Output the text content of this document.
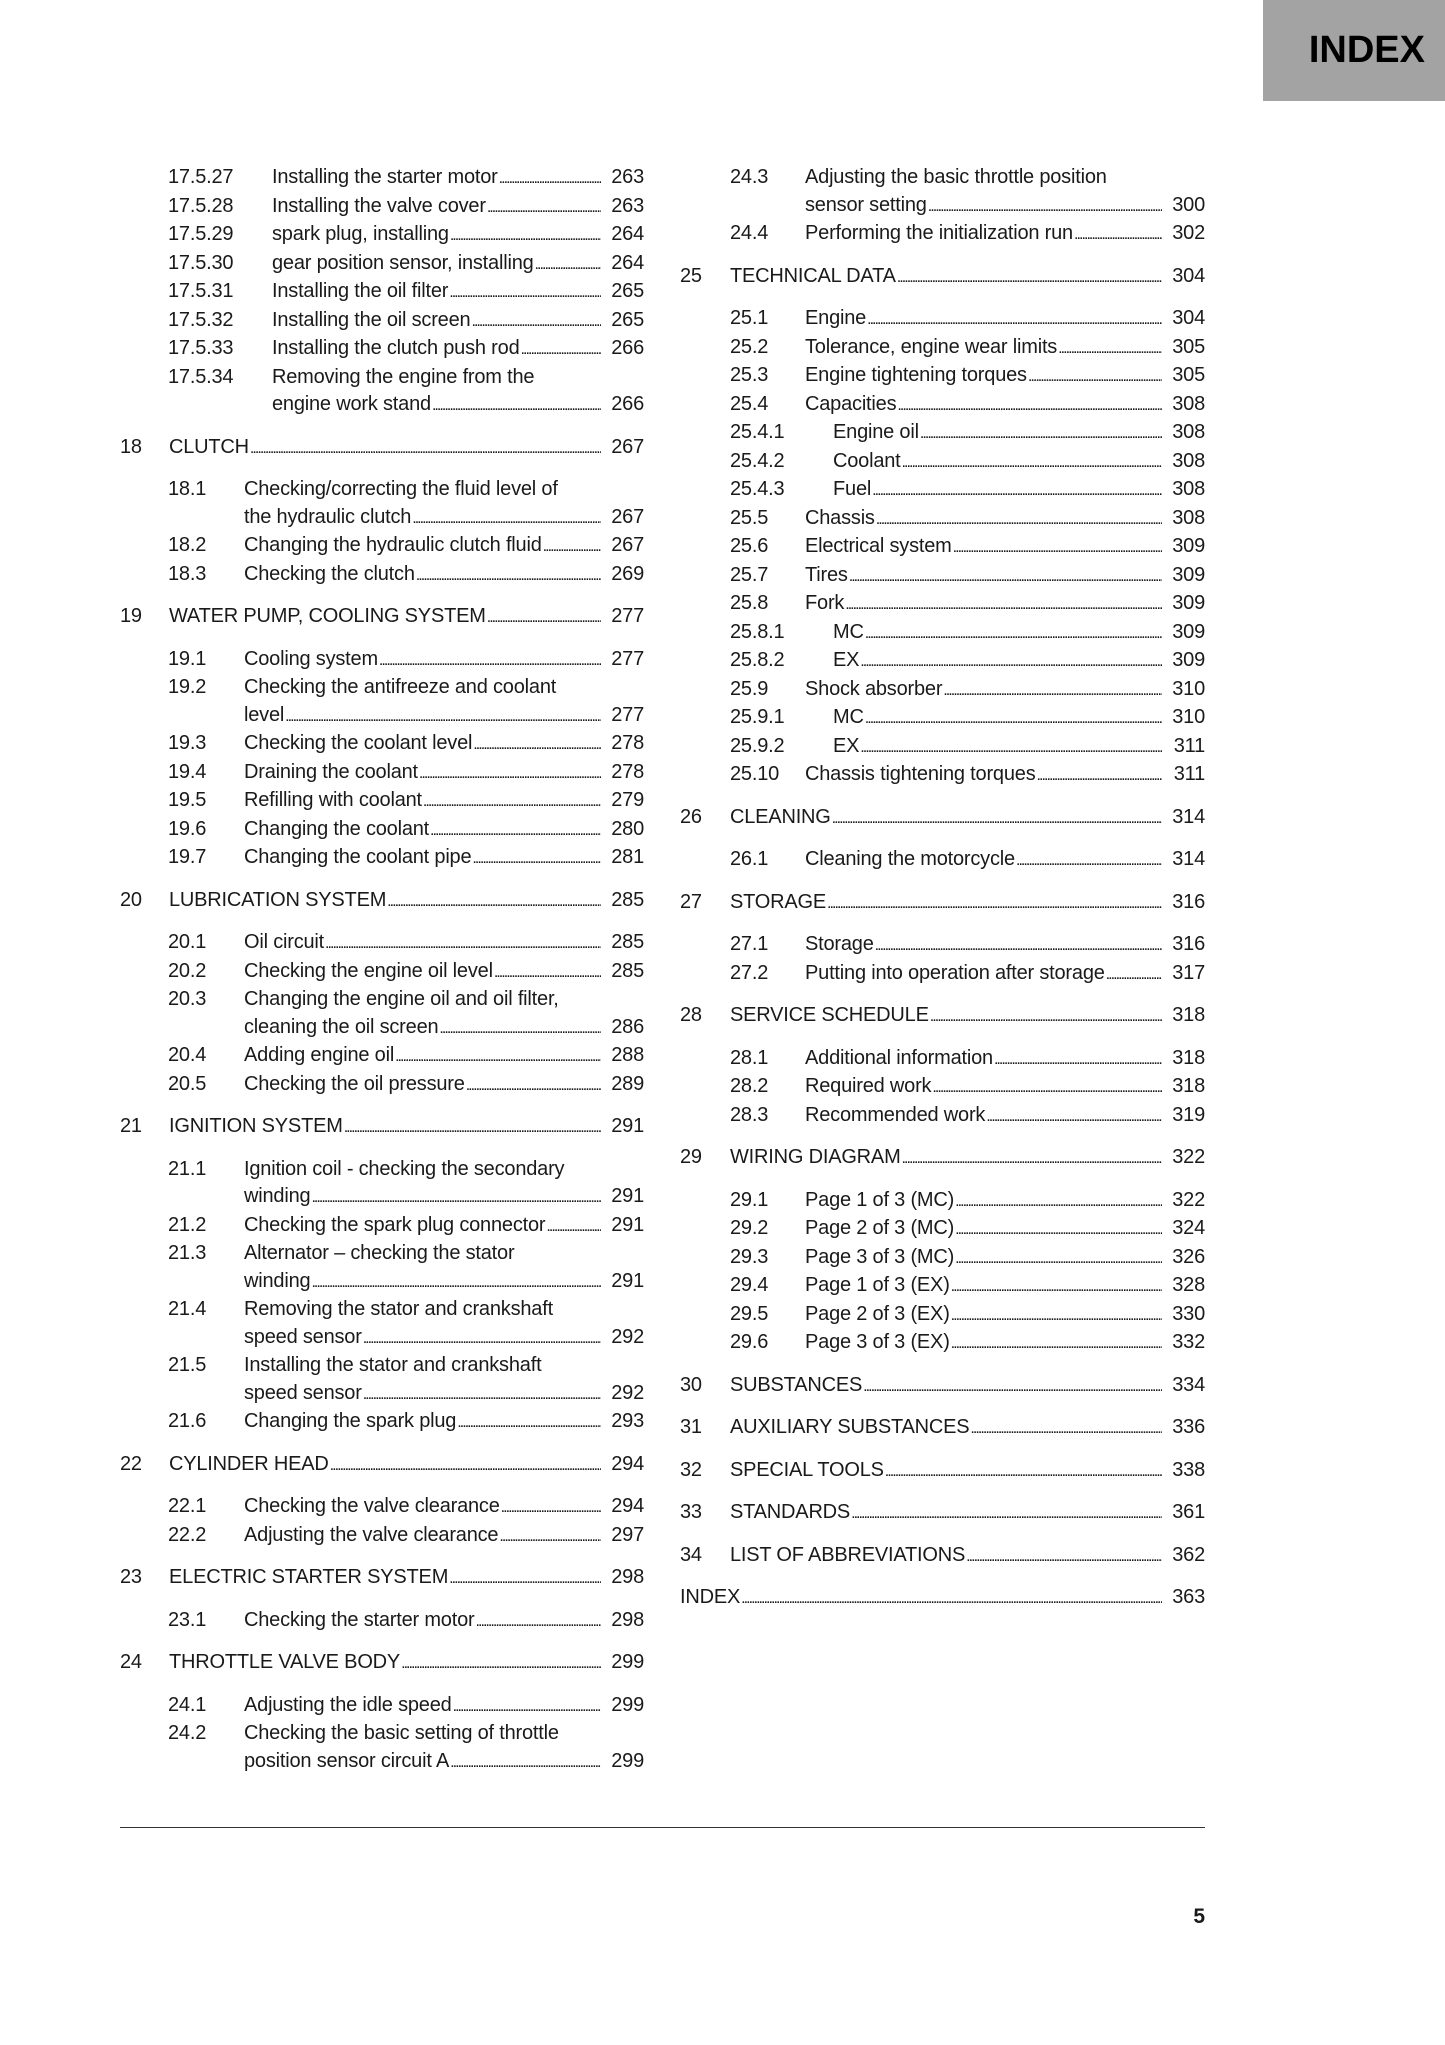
INDEX
17.5.27 Installing the starter motor . . .	263
17.5.28 Installing the valve cover . . .	263
17.5.29 spark plug, installing . . .	264
17.5.30 gear position sensor, installing . . .	264
17.5.31 Installing the oil filter . . .	265
17.5.32 Installing the oil screen . . .	265
17.5.33 Installing the clutch push rod . . .	266
17.5.34 Removing the engine from the
engine work stand . . .	266
18 CLUTCH . . .	267
18.1 Checking/correcting the fluid level of
the hydraulic clutch . . .	267
18.2 Changing the hydraulic clutch fluid . . .	267
18.3 Checking the clutch . . .	269
19 WATER PUMP, COOLING SYSTEM . . .	277
19.1 Cooling system . . .	277
19.2 Checking the antifreeze and coolant
level . . .	277
19.3 Checking the coolant level . . .	278
19.4 Draining the coolant . . .	278
19.5 Refilling with coolant . . .	279
19.6 Changing the coolant . . .	280
19.7 Changing the coolant pipe . . .	281
20 LUBRICATION SYSTEM . . .	285
20.1 Oil circuit . . .	285
20.2 Checking the engine oil level . . .	285
20.3 Changing the engine oil and oil filter,
cleaning the oil screen . . .	286
20.4 Adding engine oil . . .	288
20.5 Checking the oil pressure . . .	289
21 IGNITION SYSTEM . . .	291
21.1 Ignition coil - checking the secondary
winding . . .	291
21.2 Checking the spark plug connector . . .	291
21.3 Alternator – checking the stator
winding . . .	291
21.4 Removing the stator and crankshaft
speed sensor . . .	292
21.5 Installing the stator and crankshaft
speed sensor . . .	292
21.6 Changing the spark plug . . .	293
22 CYLINDER HEAD . . .	294
22.1 Checking the valve clearance . . .	294
22.2 Adjusting the valve clearance . . .	297
23 ELECTRIC STARTER SYSTEM . . .	298
23.1 Checking the starter motor . . .	298
24 THROTTLE VALVE BODY . . .	299
24.1 Adjusting the idle speed . . .	299
24.2 Checking the basic setting of throttle
position sensor circuit A . . .	299
24.3 Adjusting the basic throttle position
sensor setting . . .	300
24.4 Performing the initialization run . . .	302
25 TECHNICAL DATA . . .	304
25.1 Engine . . .	304
25.2 Tolerance, engine wear limits . . .	305
25.3 Engine tightening torques . . .	305
25.4 Capacities . . .	308
25.4.1 Engine oil . . .	308
25.4.2 Coolant . . .	308
25.4.3 Fuel . . .	308
25.5 Chassis . . .	308
25.6 Electrical system . . .	309
25.7 Tires . . .	309
25.8 Fork . . .	309
25.8.1 MC . . .	309
25.8.2 EX . . .	309
25.9 Shock absorber . . .	310
25.9.1 MC . . .	310
25.9.2 EX . . .	311
25.10 Chassis tightening torques . . .	311
26 CLEANING . . .	314
26.1 Cleaning the motorcycle . . .	314
27 STORAGE . . .	316
27.1 Storage . . .	316
27.2 Putting into operation after storage . . .	317
28 SERVICE SCHEDULE . . .	318
28.1 Additional information . . .	318
28.2 Required work . . .	318
28.3 Recommended work . . .	319
29 WIRING DIAGRAM . . .	322
29.1 Page 1 of 3 (MC) . . .	322
29.2 Page 2 of 3 (MC) . . .	324
29.3 Page 3 of 3 (MC) . . .	326
29.4 Page 1 of 3 (EX) . . .	328
29.5 Page 2 of 3 (EX) . . .	330
29.6 Page 3 of 3 (EX) . . .	332
30 SUBSTANCES . . .	334
31 AUXILIARY SUBSTANCES . . .	336
32 SPECIAL TOOLS . . .	338
33 STANDARDS . . .	361
34 LIST OF ABBREVIATIONS . . .	362
INDEX . . .	363
5
